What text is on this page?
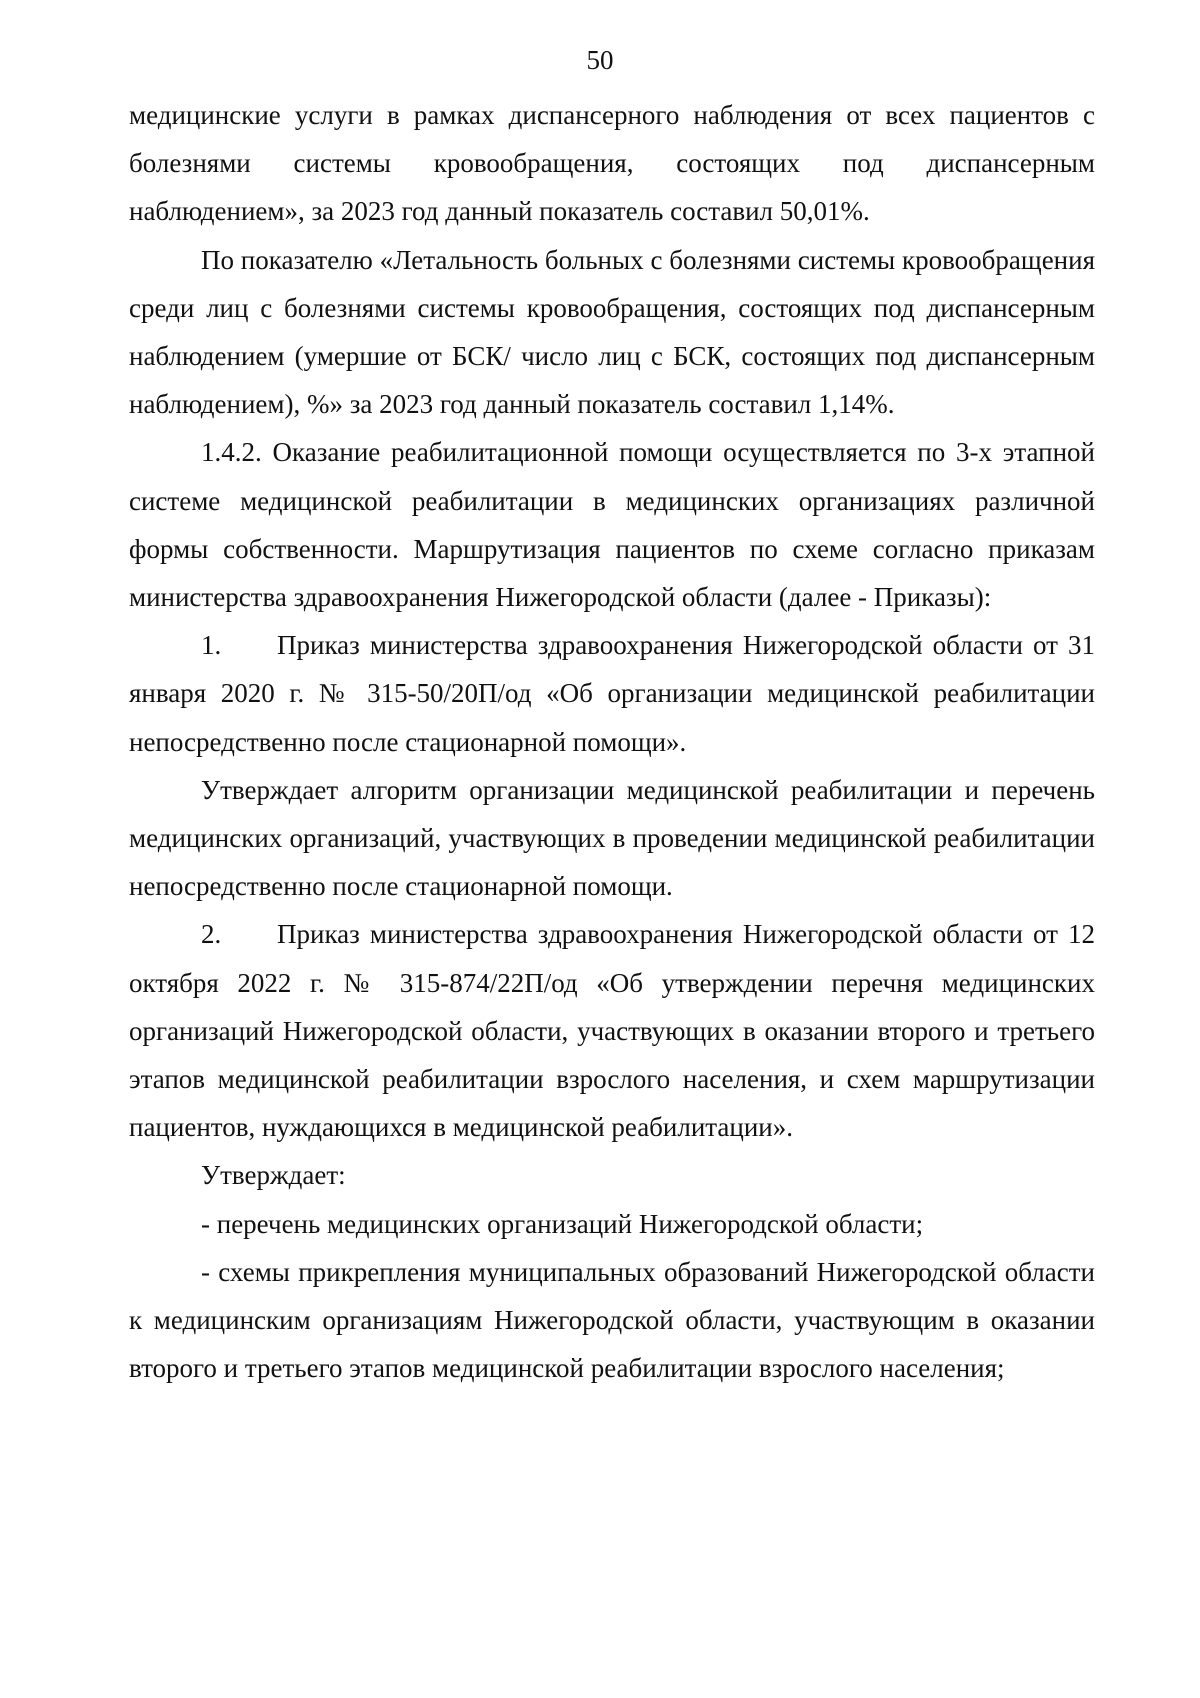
50

медицинские услуги в рамках диспансерного наблюдения от всех пациентов с болезнями системы кровообращения, состоящих под диспансерным наблюдением», за 2023 год данный показатель составил 50,01%.

По показателю «Летальность больных с болезнями системы кровообращения среди лиц с болезнями системы кровообращения, состоящих под диспансерным наблюдением (умершие от БСК/ число лиц с БСК, состоящих под диспансерным наблюдением), %» за 2023 год данный показатель составил 1,14%.

1.4.2. Оказание реабилитационной помощи осуществляется по 3-х этапной системе медицинской реабилитации в медицинских организациях различной формы собственности. Маршрутизация пациентов по схеме согласно приказам министерства здравоохранения Нижегородской области (далее - Приказы):

1. Приказ министерства здравоохранения Нижегородской области от 31 января 2020 г. № 315-50/20П/од «Об организации медицинской реабилитации непосредственно после стационарной помощи».

Утверждает алгоритм организации медицинской реабилитации и перечень медицинских организаций, участвующих в проведении медицинской реабилитации непосредственно после стационарной помощи.

2. Приказ министерства здравоохранения Нижегородской области от 12 октября 2022 г. № 315-874/22П/од «Об утверждении перечня медицинских организаций Нижегородской области, участвующих в оказании второго и третьего этапов медицинской реабилитации взрослого населения, и схем маршрутизации пациентов, нуждающихся в медицинской реабилитации».

Утверждает:

- перечень медицинских организаций Нижегородской области;

- схемы прикрепления муниципальных образований Нижегородской области к медицинским организациям Нижегородской области, участвующим в оказании второго и третьего этапов медицинской реабилитации взрослого населения;
